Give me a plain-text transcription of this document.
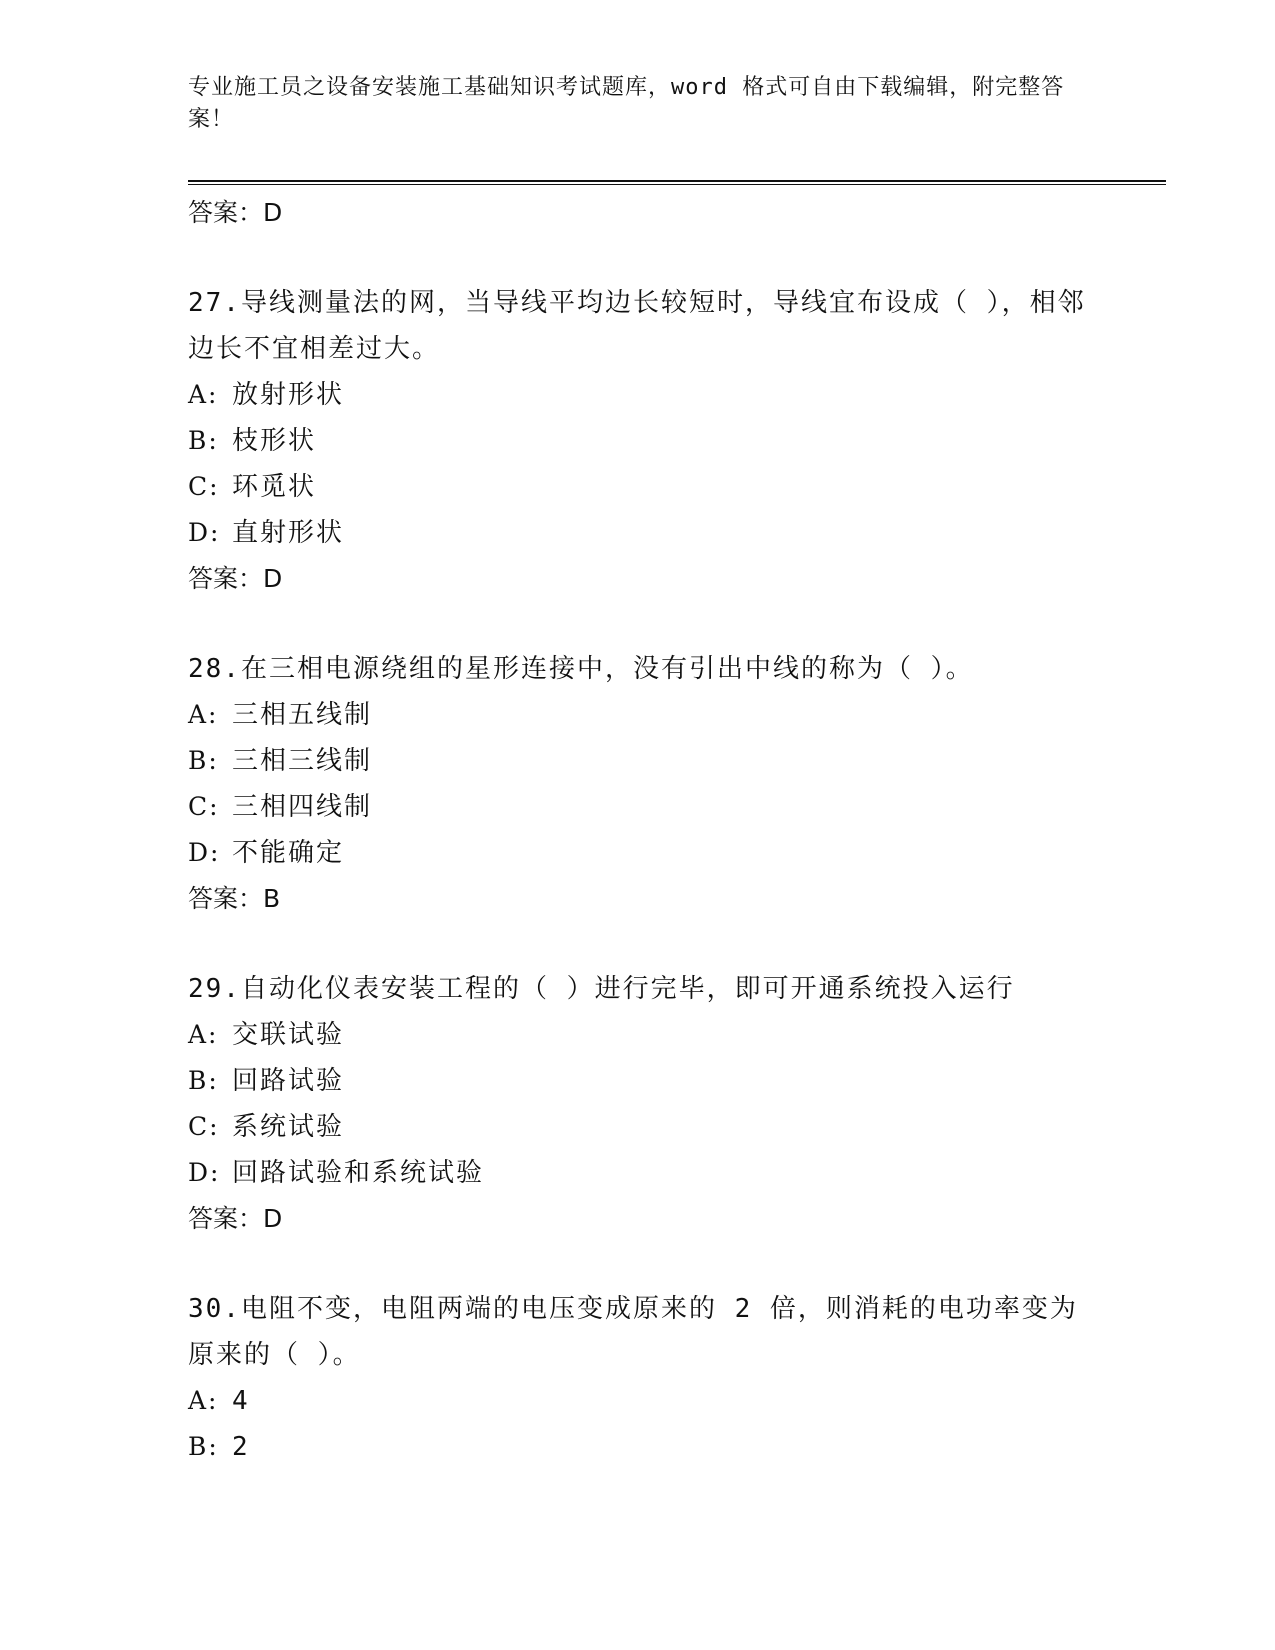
专业施工员之设备安装施工基础知识考试题库，word 格式可自由下载编辑，附完整答案！
答案：D
27.导线测量法的网，当导线平均边长较短时，导线宜布设成（ ），相邻边长不宜相差过大。
A: 放射形状
B: 枝形状
C: 环觅状
D: 直射形状
答案：D
28.在三相电源绕组的星形连接中，没有引出中线的称为（ ）。
A: 三相五线制
B: 三相三线制
C: 三相四线制
D: 不能确定
答案：B
29.自动化仪表安装工程的（ ）进行完毕，即可开通系统投入运行
A: 交联试验
B: 回路试验
C: 系统试验
D: 回路试验和系统试验
答案：D
30.电阻不变，电阻两端的电压变成原来的 2 倍，则消耗的电功率变为原来的（ ）。
A: 4
B: 2
